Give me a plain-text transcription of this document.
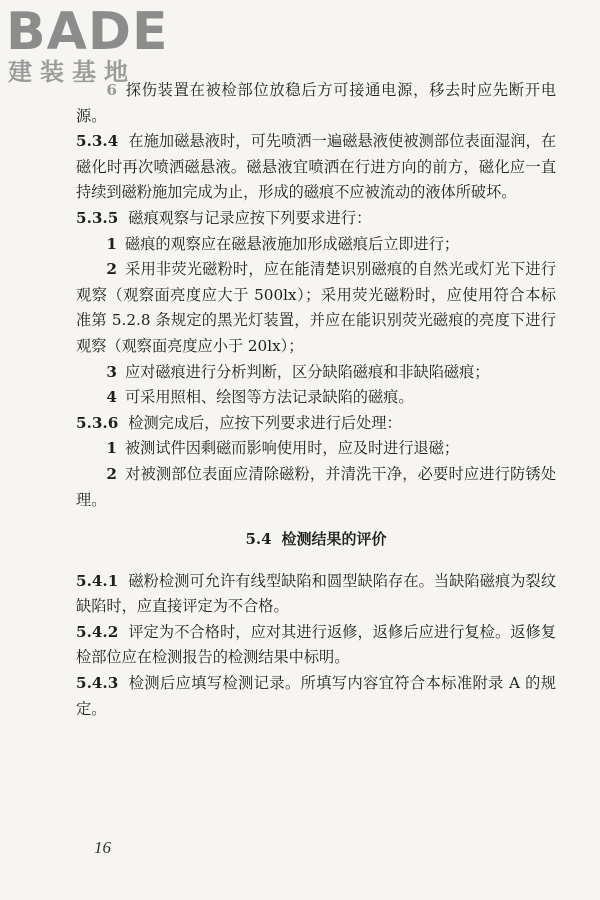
BADE
建装基地

6 探伤装置在被检部位放稳后方可接通电源，移去时应先断开电源。

5.3.4 在施加磁悬液时，可先喷洒一遍磁悬液使被测部位表面湿润，在磁化时再次喷洒磁悬液。磁悬液宜喷洒在行进方向的前方，磁化应一直持续到磁粉施加完成为止，形成的磁痕不应被流动的液体所破坏。

5.3.5 磁痕观察与记录应按下列要求进行：

1 磁痕的观察应在磁悬液施加形成磁痕后立即进行；

2 采用非荧光磁粉时，应在能清楚识别磁痕的自然光或灯光下进行观察（观察面亮度应大于 500lx）；采用荧光磁粉时，应使用符合本标准第 5.2.8 条规定的黑光灯装置，并应在能识别荧光磁痕的亮度下进行观察（观察面亮度应小于 20lx）；

3 应对磁痕进行分析判断，区分缺陷磁痕和非缺陷磁痕；

4 可采用照相、绘图等方法记录缺陷的磁痕。

5.3.6 检测完成后，应按下列要求进行后处理：

1 被测试件因剩磁而影响使用时，应及时进行退磁；

2 对被测部位表面应清除磁粉，并清洗干净，必要时应进行防锈处理。

5.4 检测结果的评价

5.4.1 磁粉检测可允许有线型缺陷和圆型缺陷存在。当缺陷磁痕为裂纹缺陷时，应直接评定为不合格。

5.4.2 评定为不合格时，应对其进行返修，返修后应进行复检。返修复检部位应在检测报告的检测结果中标明。

5.4.3 检测后应填写检测记录。所填写内容宜符合本标准附录 A 的规定。

16
